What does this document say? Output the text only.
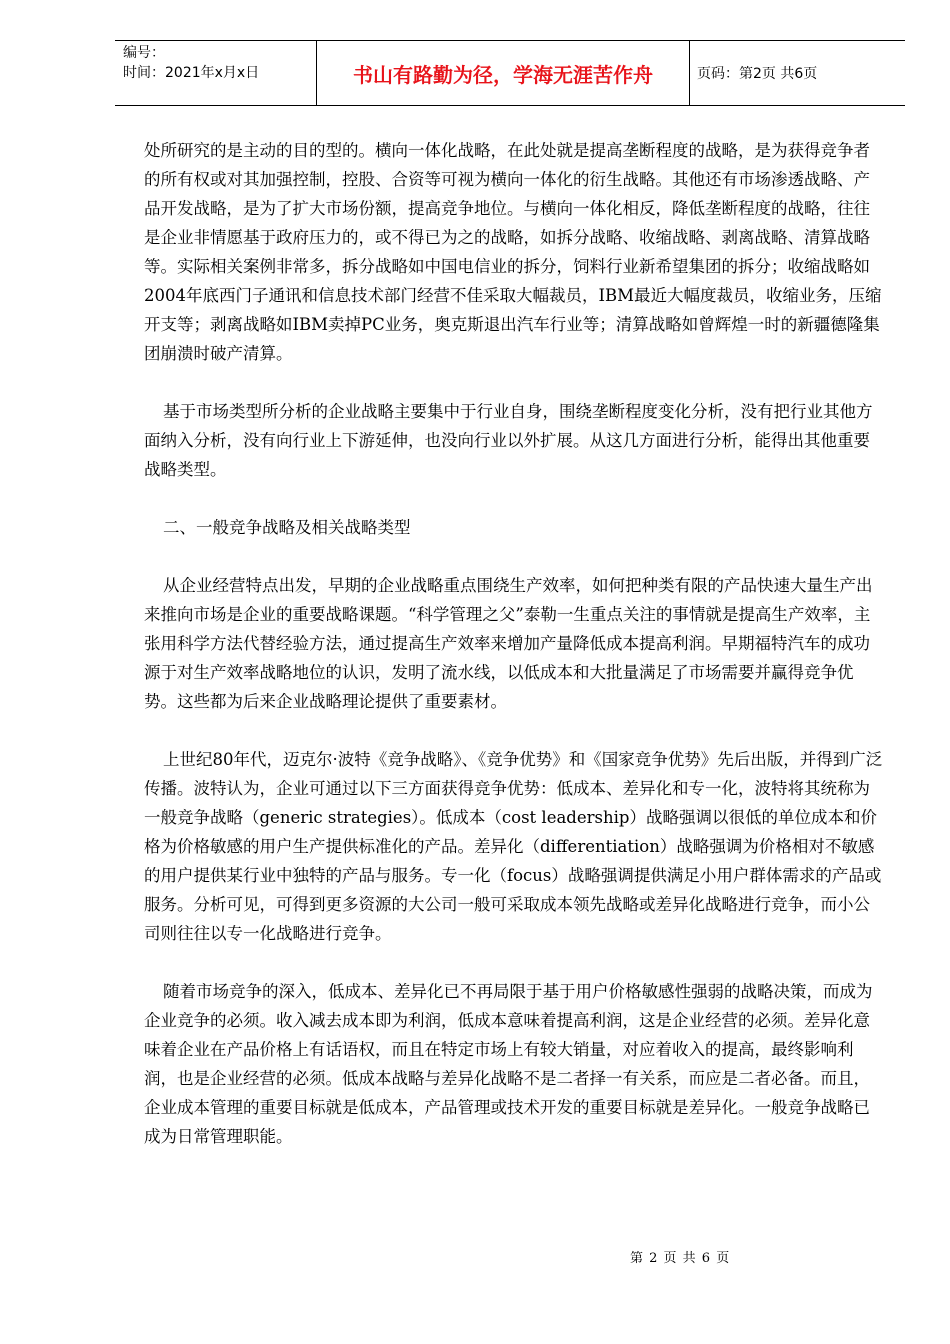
编号：
时间：2021年x月x日	书山有路勤为径，学海无涯苦作舟	页码：第2页 共6页

处所研究的是主动的目的型的。横向一体化战略，在此处就是提高垄断程度的战略，是为获得竞争者的所有权或对其加强控制，控股、合资等可视为横向一体化的衍生战略。其他还有市场渗透战略、产品开发战略，是为了扩大市场份额，提高竞争地位。与横向一体化相反，降低垄断程度的战略，往往是企业非情愿基于政府压力的，或不得已为之的战略，如拆分战略、收缩战略、剥离战略、清算战略等。实际相关案例非常多，拆分战略如中国电信业的拆分，饲料行业新希望集团的拆分；收缩战略如2004年底西门子通讯和信息技术部门经营不佳采取大幅裁员，IBM最近大幅度裁员，收缩业务，压缩开支等；剥离战略如IBM卖掉PC业务，奥克斯退出汽车行业等；清算战略如曾辉煌一时的新疆德隆集团崩溃时破产清算。

基于市场类型所分析的企业战略主要集中于行业自身，围绕垄断程度变化分析，没有把行业其他方面纳入分析，没有向行业上下游延伸，也没向行业以外扩展。从这几方面进行分析，能得出其他重要战略类型。

二、一般竞争战略及相关战略类型

从企业经营特点出发，早期的企业战略重点围绕生产效率，如何把种类有限的产品快速大量生产出来推向市场是企业的重要战略课题。“科学管理之父”泰勒一生重点关注的事情就是提高生产效率，主张用科学方法代替经验方法，通过提高生产效率来增加产量降低成本提高利润。早期福特汽车的成功源于对生产效率战略地位的认识，发明了流水线，以低成本和大批量满足了市场需要并赢得竞争优势。这些都为后来企业战略理论提供了重要素材。

上世纪80年代，迈克尔·波特《竞争战略》、《竞争优势》和《国家竞争优势》先后出版，并得到广泛传播。波特认为，企业可通过以下三方面获得竞争优势：低成本、差异化和专一化，波特将其统称为一般竞争战略（generic strategies）。低成本（cost leadership）战略强调以很低的单位成本和价格为价格敏感的用户生产提供标准化的产品。差异化（differentiation）战略强调为价格相对不敏感的用户提供某行业中独特的产品与服务。专一化（focus）战略强调提供满足小用户群体需求的产品或服务。分析可见，可得到更多资源的大公司一般可采取成本领先战略或差异化战略进行竞争，而小公司则往往以专一化战略进行竞争。

随着市场竞争的深入，低成本、差异化已不再局限于基于用户价格敏感性强弱的战略决策，而成为企业竞争的必须。收入减去成本即为利润，低成本意味着提高利润，这是企业经营的必须。差异化意味着企业在产品价格上有话语权，而且在特定市场上有较大销量，对应着收入的提高，最终影响利润，也是企业经营的必须。低成本战略与差异化战略不是二者择一有关系，而应是二者必备。而且，企业成本管理的重要目标就是低成本，产品管理或技术开发的重要目标就是差异化。一般竞争战略已成为日常管理职能。

第 2 页 共 6 页
